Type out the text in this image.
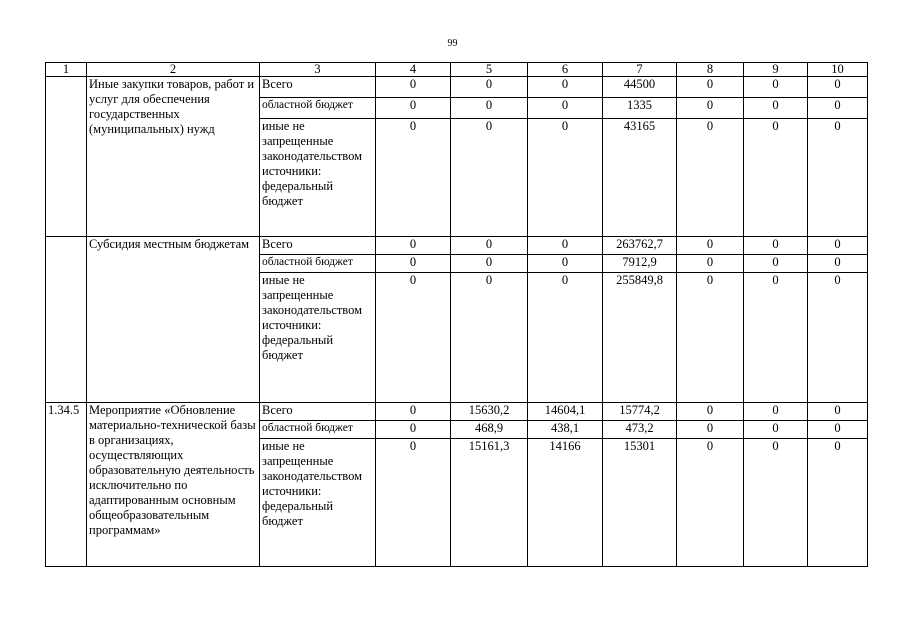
99
1	2	3	4	5	6	7	8	9	10
	Иные закупки товаров, работ и услуг для обеспечения государственных (муниципальных) нужд	Всего	0	0	0	44500	0	0	0
		областной бюджет	0	0	0	1335	0	0	0
		иные не запрещенные законодательством источники: федеральный бюджет	0	0	0	43165	0	0	0
	Субсидия местным бюджетам	Всего	0	0	0	263762,7	0	0	0
		областной бюджет	0	0	0	7912,9	0	0	0
		иные не запрещенные законодательством источники: федеральный бюджет	0	0	0	255849,8	0	0	0
1.34.5	Мероприятие «Обновление материально-технической базы в организациях, осуществляющих образовательную деятельность исключительно по адаптированным основным общеобразовательным программам»	Всего	0	15630,2	14604,1	15774,2	0	0	0
		областной бюджет	0	468,9	438,1	473,2	0	0	0
		иные не запрещенные законодательством источники: федеральный бюджет	0	15161,3	14166	15301	0	0	0
